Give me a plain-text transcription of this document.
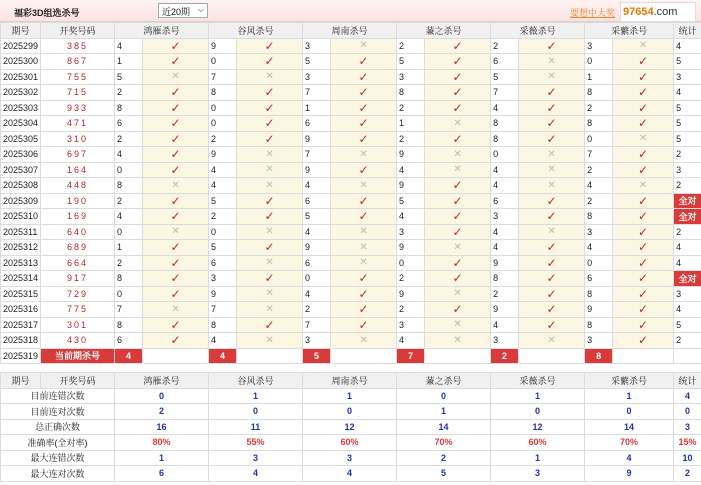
福彩3D组选杀号	近20期 ⌵	要想中大奖 97654.com
期号	开奖号码	鸿雁杀号		谷风杀号		周南杀号		蒹之杀号		采薇杀号		采蘩杀号		统计
2025299	385	4	✓	9	✓	3	✕	2	✓	2	✓	3	✕	4
2025300	867	1	✓	0	✓	5	✓	5	✓	6	✕	0	✓	5
2025301	755	5	✕	7	✕	3	✓	3	✓	5	✕	1	✓	3
2025302	715	2	✓	8	✓	7	✓	8	✓	7	✓	8	✓	4
2025303	933	8	✓	0	✓	1	✓	2	✓	4	✓	2	✓	5
2025304	471	6	✓	0	✓	6	✓	1	✕	8	✓	8	✓	5
2025305	310	2	✓	2	✓	9	✓	2	✓	8	✓	0	✕	5
2025306	697	4	✓	9	✕	7	✕	9	✕	0	✕	7	✓	2
2025307	164	0	✓	4	✕	9	✓	4	✕	4	✕	2	✓	3
2025308	448	8	✕	4	✕	4	✕	9	✓	4	✕	4	✕	2
2025309	190	2	✓	5	✓	6	✓	5	✓	6	✓	2	✓	全对
2025310	169	4	✓	2	✓	5	✓	4	✓	3	✓	8	✓	全对
2025311	640	0	✕	0	✕	4	✕	3	✓	4	✕	3	✓	2
2025312	689	1	✓	5	✓	9	✕	9	✕	4	✓	4	✓	4
2025313	664	2	✓	6	✕	6	✕	0	✓	9	✓	0	✓	4
2025314	917	8	✓	3	✓	0	✓	2	✓	8	✓	6	✓	全对
2025315	729	0	✓	9	✕	4	✓	9	✕	2	✓	8	✓	3
2025316	775	7	✕	7	✕	2	✓	2	✓	9	✓	9	✓	4
2025317	301	8	✓	8	✓	7	✓	3	✕	4	✓	8	✓	5
2025318	430	6	✓	4	✕	3	✕	4	✕	3	✕	3	✓	2
2025319	当前期杀号	4		4		5		7		2		8		
期号	开奖号码	鸿雁杀号	谷风杀号	周南杀号	蒹之杀号	采薇杀号	采蘩杀号	统计
目前连错次数		0	1	1	0	1	1	4
目前连对次数		2	0	0	1	0	0	0
总正确次数		16	11	12	14	12	14	3
准确率(全对率)		80%	55%	60%	70%	60%	70%	15%
最大连错次数		1	3	3	2	1	4	10
最大连对次数		6	4	4	5	3	9	2
